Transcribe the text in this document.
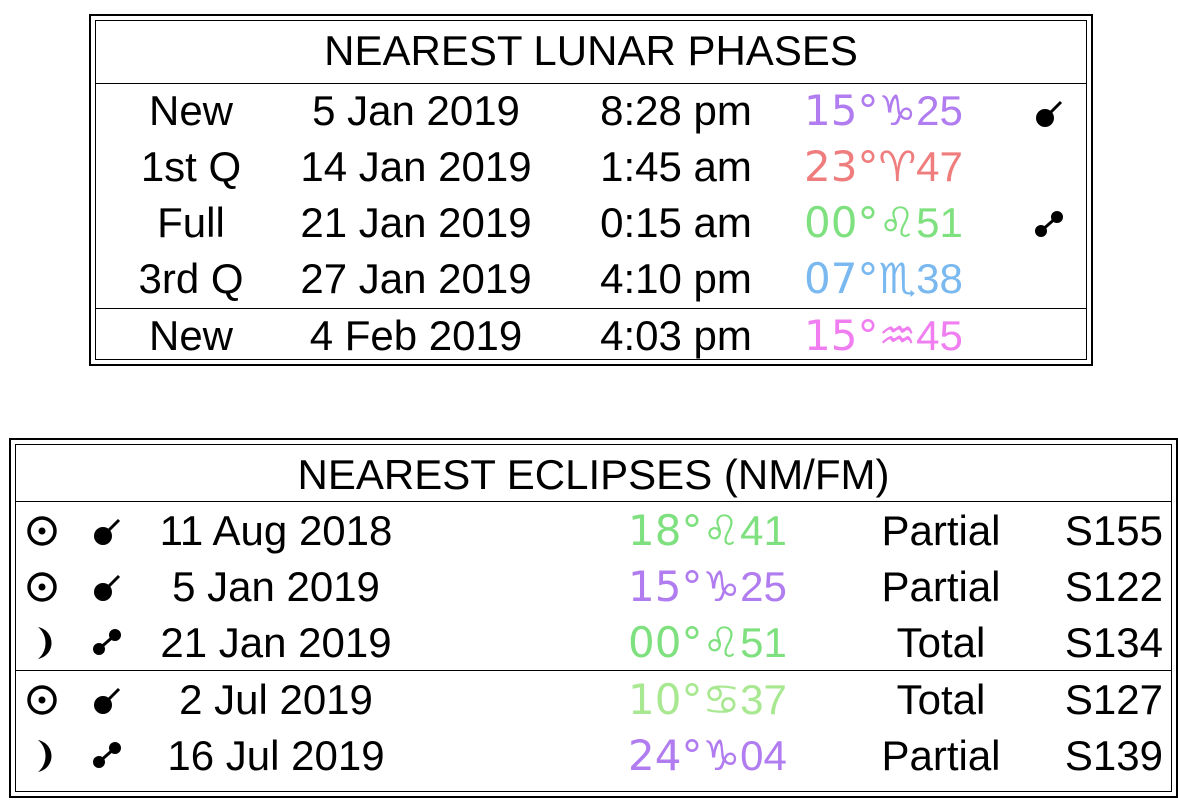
NEAREST LUNAR PHASES
New	5 Jan 2019	8:28 pm	15°♑25
1st Q	14 Jan 2019	1:45 am	23°♈47
Full	21 Jan 2019	0:15 am	00°♌51
3rd Q	27 Jan 2019	4:10 pm	07°♏38
New	4 Feb 2019	4:03 pm	15°♒45
NEAREST ECLIPSES (NM/FM)
11 Aug 2018	18°♌41	Partial	S155
5 Jan 2019	15°♑25	Partial	S122
21 Jan 2019	00°♌51	Total	S134
2 Jul 2019	10°♋37	Total	S127
16 Jul 2019	24°♑04	Partial	S139
